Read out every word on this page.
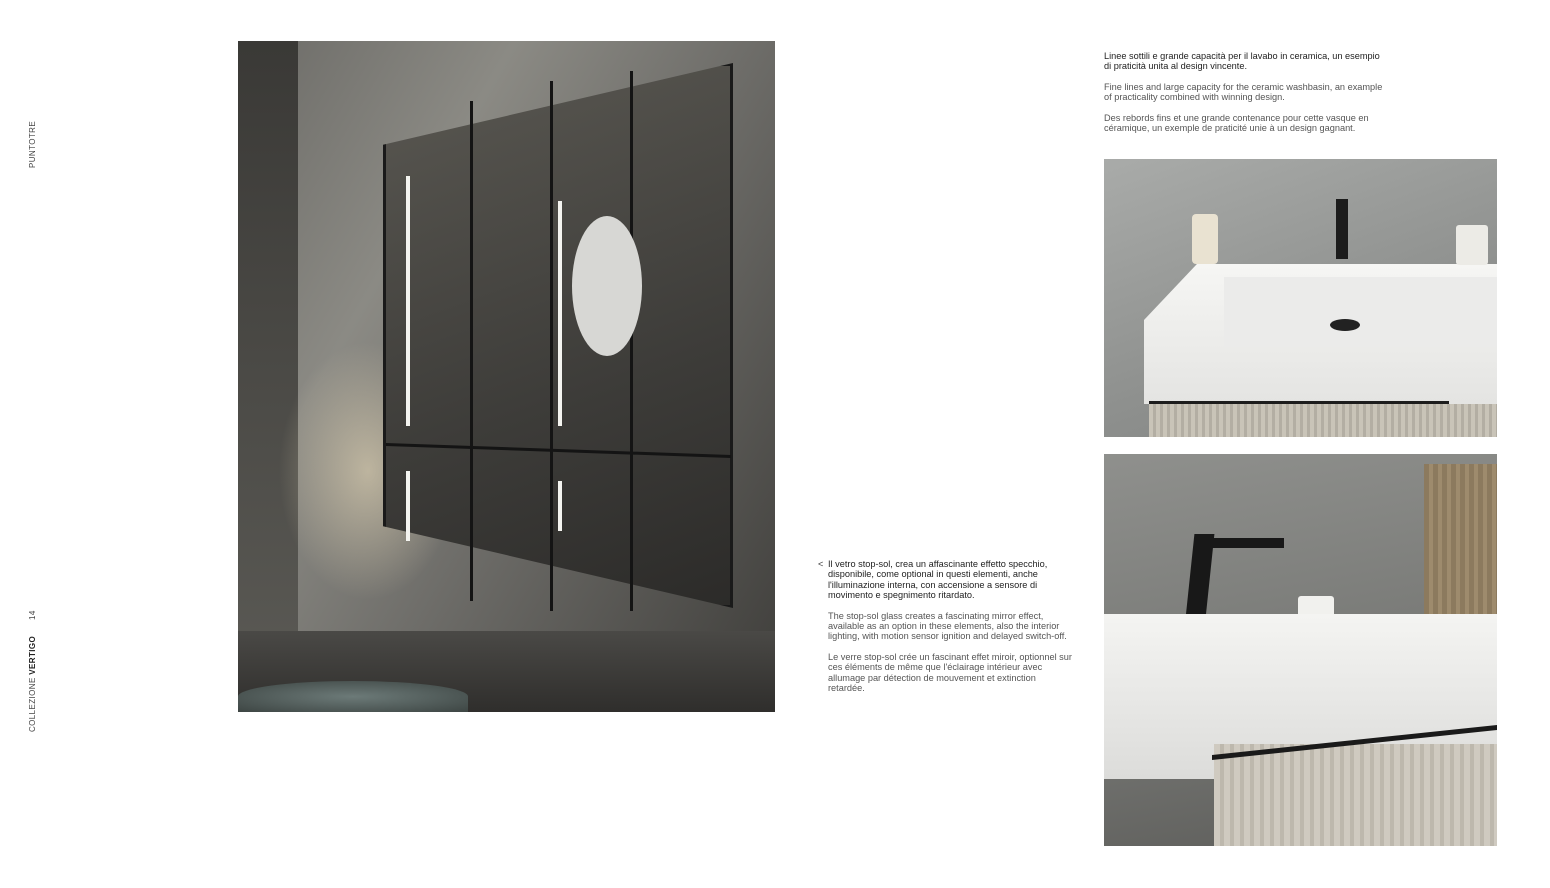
PUNTOTRE
COLLEZIONE VERTIGO
14

Linee sottili e grande capacità per il lavabo in ceramica, un esempio di praticità unita al design vincente.

Fine lines and large capacity for the ceramic washbasin, an example of practicality combined with winning design.

Des rebords fins et une grande contenance pour cette vasque en céramique, un exemple de praticité unie à un design gagnant.

< Il vetro stop-sol, crea un affascinante effetto specchio, disponibile, come optional in questi elementi, anche l'illuminazione interna, con accensione a sensore di movimento e spegnimento ritardato.

The stop-sol glass creates a fascinating mirror effect, available as an option in these elements, also the interior lighting, with motion sensor ignition and delayed switch-off.

Le verre stop-sol crée un fascinant effet miroir, optionnel sur ces éléments de même que l'éclairage intérieur avec allumage par détection de mouvement et extinction retardée.
